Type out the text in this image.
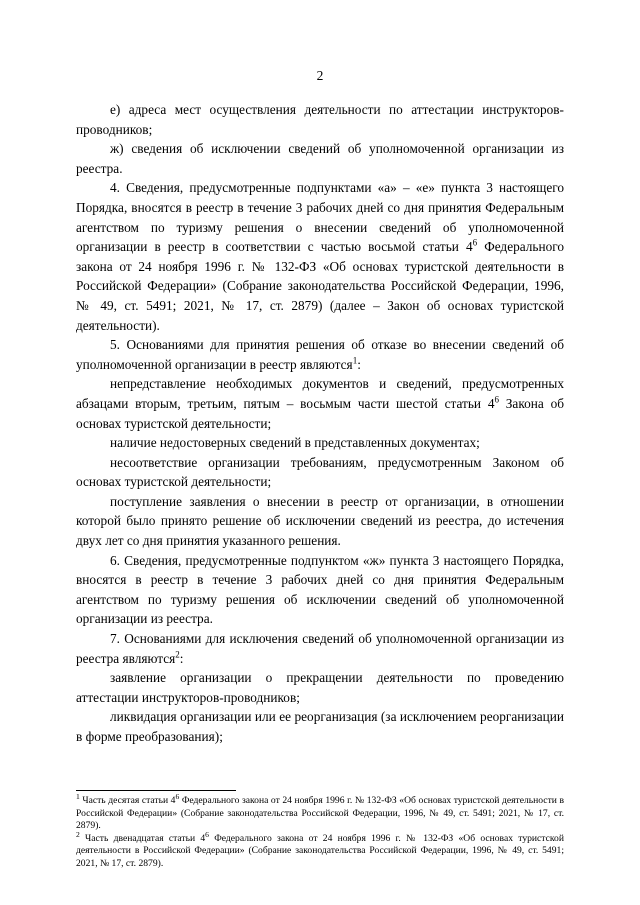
2

е) адреса мест осуществления деятельности по аттестации инструкторов-проводников;

ж) сведения об исключении сведений об уполномоченной организации из реестра.

4. Сведения, предусмотренные подпунктами «а» – «е» пункта 3 настоящего Порядка, вносятся в реестр в течение 3 рабочих дней со дня принятия Федеральным агентством по туризму решения о внесении сведений об уполномоченной организации в реестр в соответствии с частью восьмой статьи $4^6$ Федерального закона от 24 ноября 1996 г. № 132-ФЗ «Об основах туристской деятельности в Российской Федерации» (Собрание законодательства Российской Федерации, 1996, № 49, ст. 5491; 2021, № 17, ст. 2879) (далее – Закон об основах туристской деятельности).

5. Основаниями для принятия решения об отказе во внесении сведений об уполномоченной организации в реестр являются$^1$:

непредставление необходимых документов и сведений, предусмотренных абзацами вторым, третьим, пятым – восьмым части шестой статьи $4^6$ Закона об основах туристской деятельности;

наличие недостоверных сведений в представленных документах;

несоответствие организации требованиям, предусмотренным Законом об основах туристской деятельности;

поступление заявления о внесении в реестр от организации, в отношении которой было принято решение об исключении сведений из реестра, до истечения двух лет со дня принятия указанного решения.

6. Сведения, предусмотренные подпунктом «ж» пункта 3 настоящего Порядка, вносятся в реестр в течение 3 рабочих дней со дня принятия Федеральным агентством по туризму решения об исключении сведений об уполномоченной организации из реестра.

7. Основаниями для исключения сведений об уполномоченной организации из реестра являются$^2$:

заявление организации о прекращении деятельности по проведению аттестации инструкторов-проводников;

ликвидация организации или ее реорганизация (за исключением реорганизации в форме преобразования);

$^1$ Часть десятая статьи 4$^6$ Федерального закона от 24 ноября 1996 г. № 132-ФЗ «Об основах туристской деятельности в Российской Федерации» (Собрание законодательства Российской Федерации, 1996, № 49, ст. 5491; 2021, № 17, ст. 2879).

$^2$ Часть двенадцатая статьи 4$^6$ Федерального закона от 24 ноября 1996 г. № 132-ФЗ «Об основах туристской деятельности в Российской Федерации» (Собрание законодательства Российской Федерации, 1996, № 49, ст. 5491; 2021, № 17, ст. 2879).
